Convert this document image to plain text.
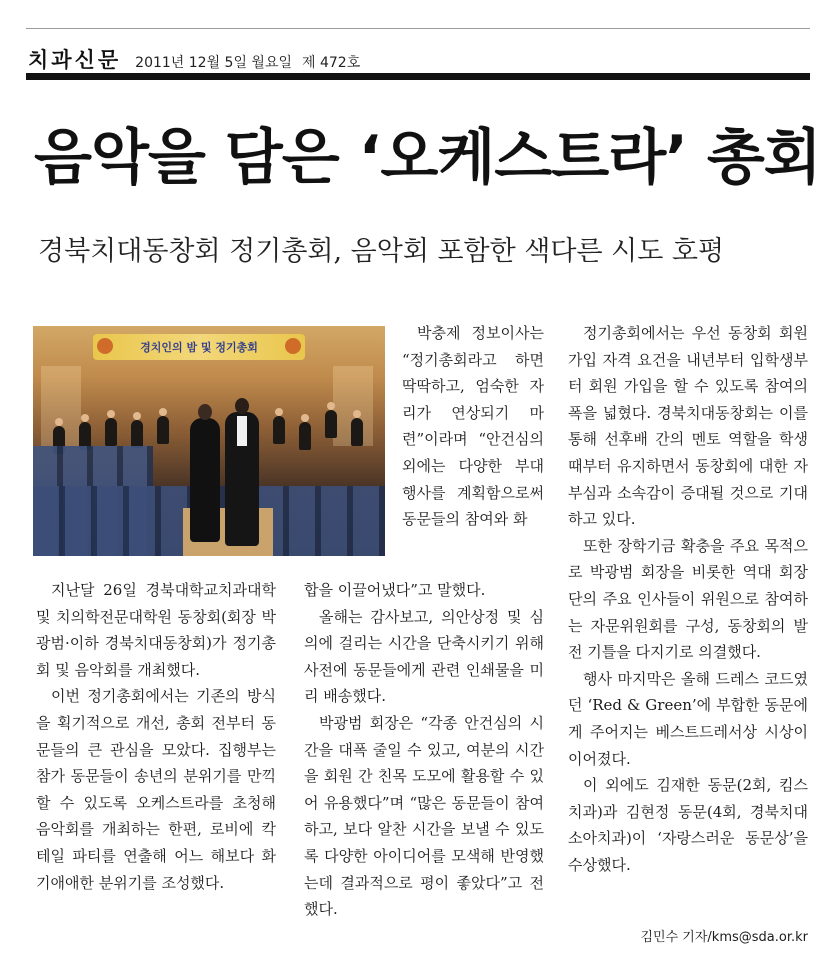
치과신문 2011년 12월 5일 월요일 제 472호
음악을 담은 ‘오케스트라’ 총회
경북치대동창회 정기총회, 음악회 포함한 색다른 시도 호평
경치인의 밤 및 정기총회

지난달 26일 경북대학교치과대학 및 치의학전문대학원 동창회(회장 박광범·이하 경북치대동창회)가 정기총회 및 음악회를 개최했다.

이번 정기총회에서는 기존의 방식을 획기적으로 개선, 총회 전부터 동문들의 큰 관심을 모았다. 집행부는 참가 동문들이 송년의 분위기를 만끽할 수 있도록 오케스트라를 초청해 음악회를 개최하는 한편, 로비에 칵테일 파티를 연출해 어느 해보다 화기애애한 분위기를 조성했다.

박충제 정보이사는 “정기총회라고 하면 딱딱하고, 엄숙한 자리가 연상되기 마련”이라며 “안건심의 외에는 다양한 부대 행사를 계획함으로써 동문들의 참여와 화

합을 이끌어냈다”고 말했다.

올해는 감사보고, 의안상정 및 심의에 걸리는 시간을 단축시키기 위해 사전에 동문들에게 관련 인쇄물을 미리 배송했다.

박광범 회장은 “각종 안건심의 시간을 대폭 줄일 수 있고, 여분의 시간을 회원 간 친목 도모에 활용할 수 있어 유용했다”며 “많은 동문들이 참여하고, 보다 알찬 시간을 보낼 수 있도록 다양한 아이디어를 모색해 반영했는데 결과적으로 평이 좋았다”고 전했다.

정기총회에서는 우선 동창회 회원 가입 자격 요건을 내년부터 입학생부터 회원 가입을 할 수 있도록 참여의 폭을 넓혔다. 경북치대동창회는 이를 통해 선후배 간의 멘토 역할을 학생 때부터 유지하면서 동창회에 대한 자부심과 소속감이 증대될 것으로 기대하고 있다.

또한 장학기금 확충을 주요 목적으로 박광범 회장을 비롯한 역대 회장단의 주요 인사들이 위원으로 참여하는 자문위원회를 구성, 동창회의 발전 기틀을 다지기로 의결했다.

행사 마지막은 올해 드레스 코드였던 ‘Red & Green’에 부합한 동문에게 주어지는 베스트드레서상 시상이 이어졌다.

이 외에도 김재한 동문(2회, 킴스치과)과 김현정 동문(4회, 경북치대 소아치과)이 ‘자랑스러운 동문상’을 수상했다.

김민수 기자/kms@sda.or.kr
